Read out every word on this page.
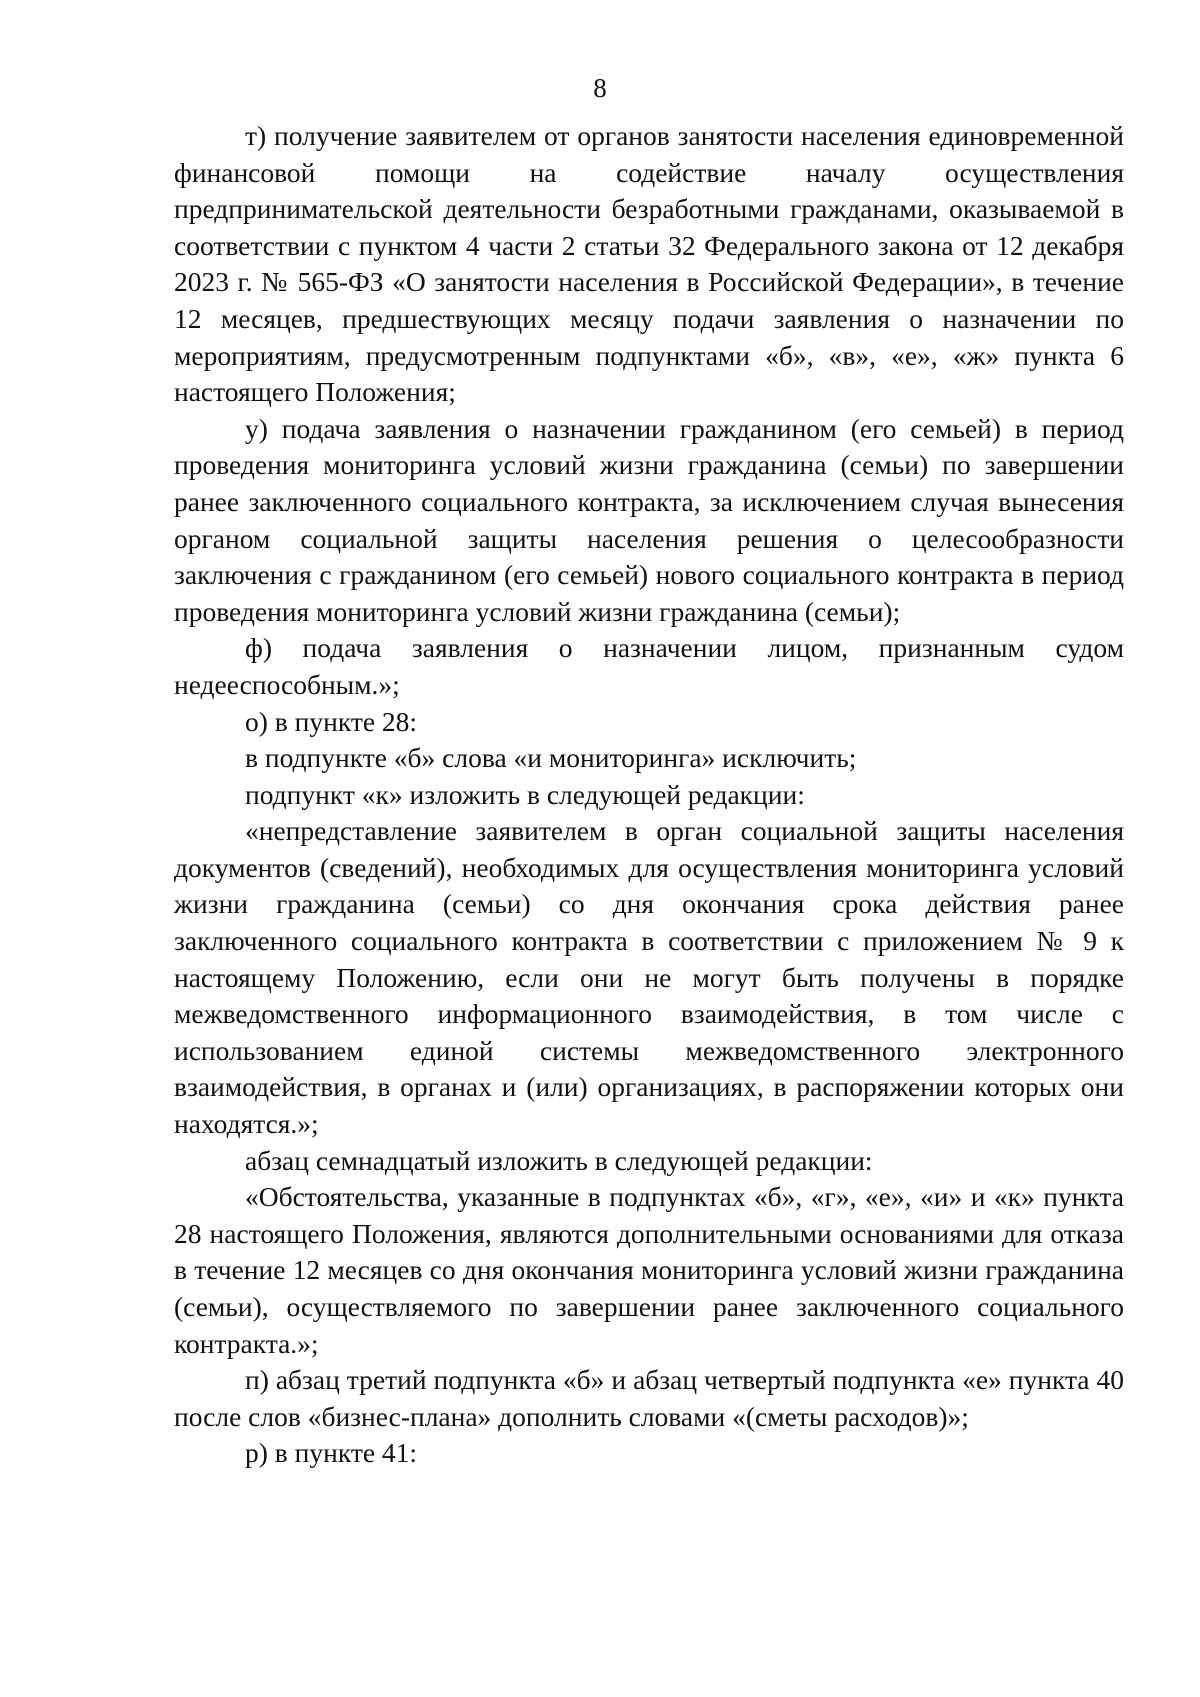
8

т) получение заявителем от органов занятости населения единовременной финансовой помощи на содействие началу осуществления предпринимательской деятельности безработными гражданами, оказываемой в соответствии с пунктом 4 части 2 статьи 32 Федерального закона от 12 декабря 2023 г. № 565-ФЗ «О занятости населения в Российской Федерации», в течение 12 месяцев, предшествующих месяцу подачи заявления о назначении по мероприятиям, предусмотренным подпунктами «б», «в», «е», «ж» пункта 6 настоящего Положения;

у) подача заявления о назначении гражданином (его семьей) в период проведения мониторинга условий жизни гражданина (семьи) по завершении ранее заключенного социального контракта, за исключением случая вынесения органом социальной защиты населения решения о целесообразности заключения с гражданином (его семьей) нового социального контракта в период проведения мониторинга условий жизни гражданина (семьи);

ф) подача заявления о назначении лицом, признанным судом недееспособным.»;

о) в пункте 28:

в подпункте «б» слова «и мониторинга» исключить;

подпункт «к» изложить в следующей редакции:

«непредставление заявителем в орган социальной защиты населения документов (сведений), необходимых для осуществления мониторинга условий жизни гражданина (семьи) со дня окончания срока действия ранее заключенного социального контракта в соответствии с приложением № 9 к настоящему Положению, если они не могут быть получены в порядке межведомственного информационного взаимодействия, в том числе с использованием единой системы межведомственного электронного взаимодействия, в органах и (или) организациях, в распоряжении которых они находятся.»;

абзац семнадцатый изложить в следующей редакции:

«Обстоятельства, указанные в подпунктах «б», «г», «е», «и» и «к» пункта 28 настоящего Положения, являются дополнительными основаниями для отказа в течение 12 месяцев со дня окончания мониторинга условий жизни гражданина (семьи), осуществляемого по завершении ранее заключенного социального контракта.»;

п) абзац третий подпункта «б» и абзац четвертый подпункта «е» пункта 40 после слов «бизнес-плана» дополнить словами «(сметы расходов)»;

р) в пункте 41:
